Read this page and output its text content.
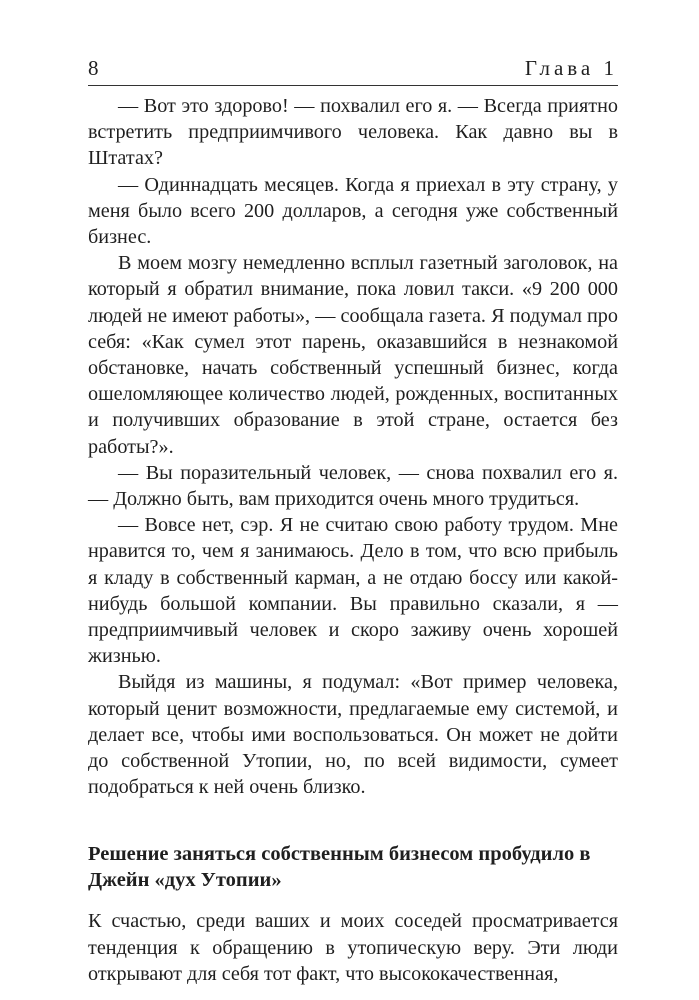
8	Глава 1

— Вот это здорово! — похвалил его я. — Всегда приятно встретить предприимчивого человека. Как давно вы в Штатах?

— Одиннадцать месяцев. Когда я приехал в эту страну, у меня было всего 200 долларов, а сегодня уже собственный бизнес.

В моем мозгу немедленно всплыл газетный заголовок, на который я обратил внимание, пока ловил такси. «9 200 000 людей не имеют работы», — сообщала газета. Я подумал про себя: «Как сумел этот парень, оказавшийся в незнакомой обстановке, начать собственный успешный бизнес, когда ошеломляющее количество людей, рожденных, воспитанных и получивших образование в этой стране, остается без работы?».

— Вы поразительный человек, — снова похвалил его я. — Должно быть, вам приходится очень много трудиться.

— Вовсе нет, сэр. Я не считаю свою работу трудом. Мне нравится то, чем я занимаюсь. Дело в том, что всю прибыль я кладу в собственный карман, а не отдаю боссу или какой-нибудь большой компании. Вы правильно сказали, я — предприимчивый человек и скоро заживу очень хорошей жизнью.

Выйдя из машины, я подумал: «Вот пример человека, который ценит возможности, предлагаемые ему системой, и делает все, чтобы ими воспользоваться. Он может не дойти до собственной Утопии, но, по всей видимости, сумеет подобраться к ней очень близко.

Решение заняться собственным бизнесом пробудило в Джейн «дух Утопии»

К счастью, среди ваших и моих соседей просматривается тенденция к обращению в утопическую веру. Эти люди открывают для себя тот факт, что высококачественная,
